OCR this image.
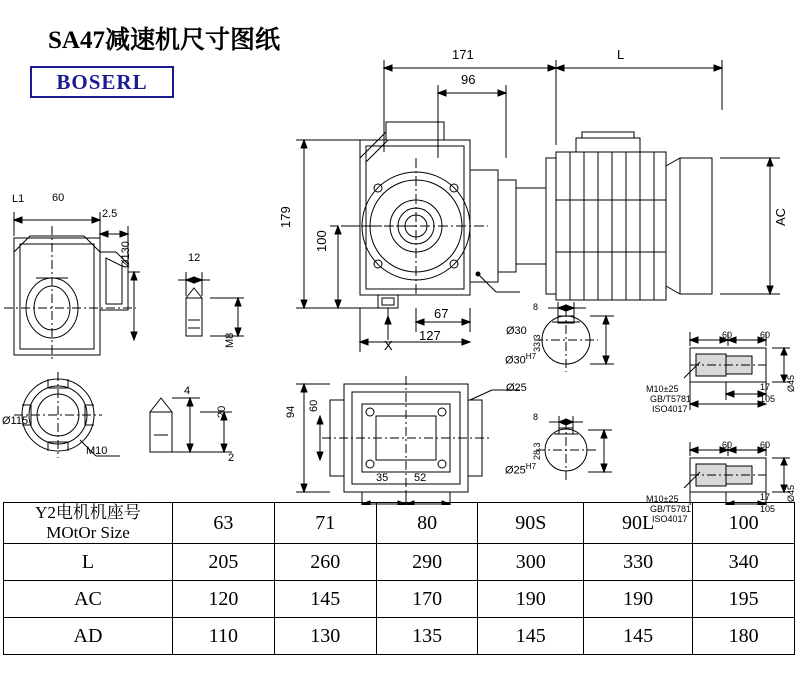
SA47减速机尺寸图纸
BOSERL
171
96
L
179
100
127
67
X
Ø30
AC
L1	60
2.5
Ø130	12
M8
Ø115
M10
4
20
2
94 60
35 52
Ø25
8
33.3
$Ø30^{H7}$
8
28.3
$Ø25^{H7}$
60	60
17
105
Ø45
M10±25
GB/T5781
ISO4017
60	60
17
105
Ø45
M10±25
GB/T5781
ISO4017
Y2电机机座号
MOtOr Size	63	71	80	90S	90L	100
L	205	260	290	300	330	340
AC	120	145	170	190	190	195
AD	110	130	135	145	145	180
